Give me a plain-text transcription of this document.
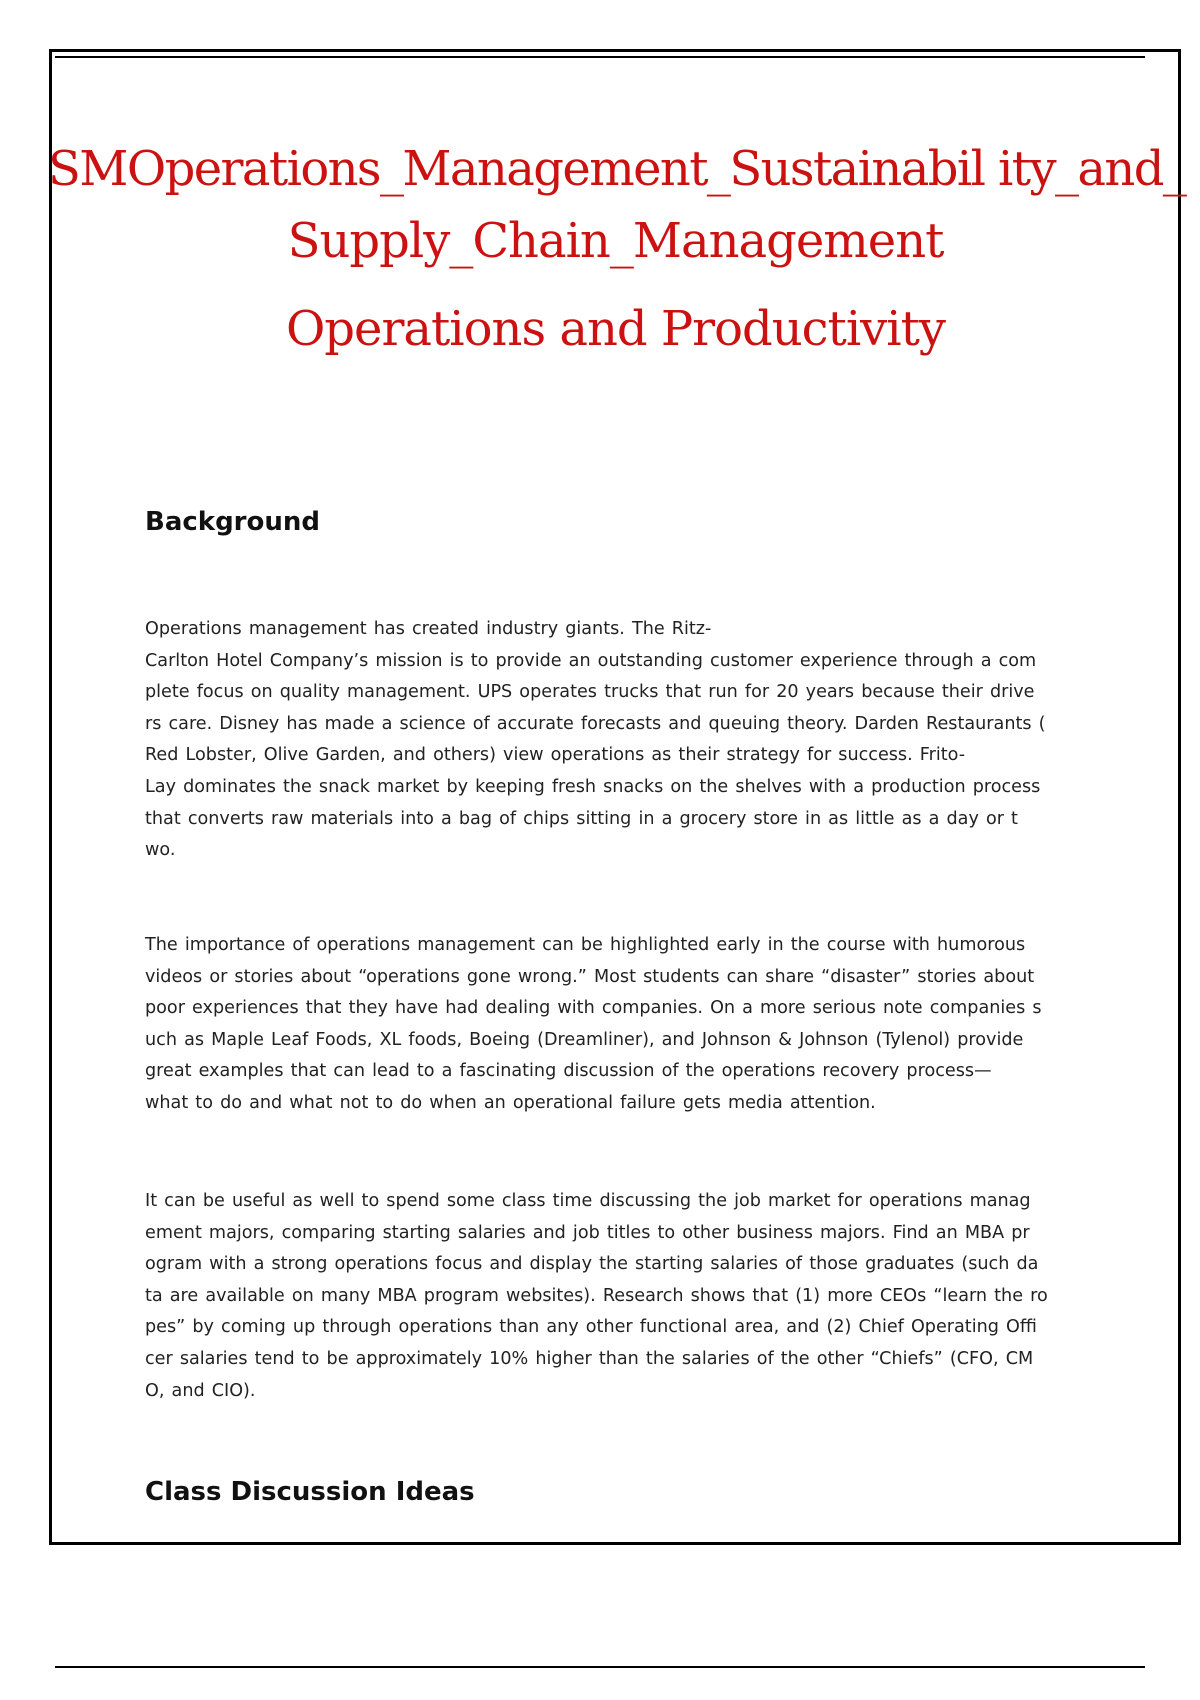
SMOperations_Management_Sustainabil ity_and_
Supply_Chain_Management
Operations and Productivity
Background
Operations management has created industry giants. The Ritz-
Carlton Hotel Company’s mission is to provide an outstanding customer experience through a com
plete focus on quality management. UPS operates trucks that run for 20 years because their drive
rs care. Disney has made a science of accurate forecasts and queuing theory. Darden Restaurants (
Red Lobster, Olive Garden, and others) view operations as their strategy for success. Frito-
Lay dominates the snack market by keeping fresh snacks on the shelves with a production process
that converts raw materials into a bag of chips sitting in a grocery store in as little as a day or t
wo.
The importance of operations management can be highlighted early in the course with humorous
videos or stories about “operations gone wrong.” Most students can share “disaster” stories about
poor experiences that they have had dealing with companies. On a more serious note companies s
uch as Maple Leaf Foods, XL foods, Boeing (Dreamliner), and Johnson & Johnson (Tylenol) provide
great examples that can lead to a fascinating discussion of the operations recovery process—
what to do and what not to do when an operational failure gets media attention.
It can be useful as well to spend some class time discussing the job market for operations manag
ement majors, comparing starting salaries and job titles to other business majors. Find an MBA pr
ogram with a strong operations focus and display the starting salaries of those graduates (such da
ta are available on many MBA program websites). Research shows that (1) more CEOs “learn the ro
pes” by coming up through operations than any other functional area, and (2) Chief Operating Offi
cer salaries tend to be approximately 10% higher than the salaries of the other “Chiefs” (CFO, CM
O, and CIO).
Class Discussion Ideas
